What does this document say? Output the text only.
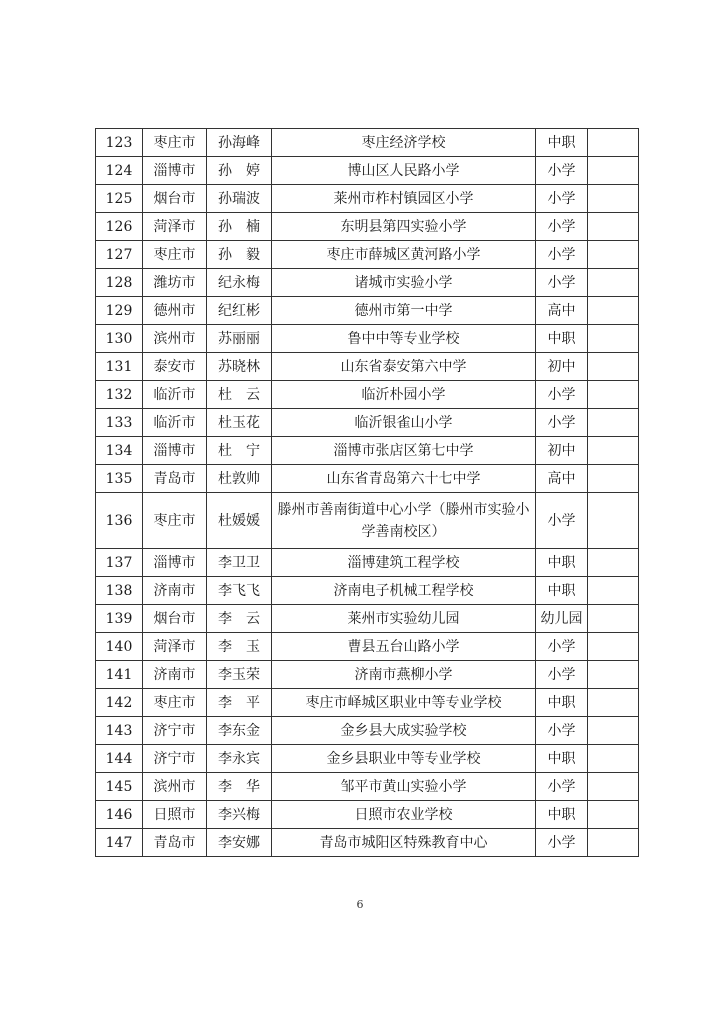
123	枣庄市	孙海峰	枣庄经济学校	中职	
124	淄博市	孙　婷	博山区人民路小学	小学	
125	烟台市	孙瑞波	莱州市柞村镇园区小学	小学	
126	菏泽市	孙　楠	东明县第四实验小学	小学	
127	枣庄市	孙　毅	枣庄市薛城区黄河路小学	小学	
128	潍坊市	纪永梅	诸城市实验小学	小学	
129	德州市	纪红彬	德州市第一中学	高中	
130	滨州市	苏丽丽	鲁中中等专业学校	中职	
131	泰安市	苏晓林	山东省泰安第六中学	初中	
132	临沂市	杜　云	临沂朴园小学	小学	
133	临沂市	杜玉花	临沂银雀山小学	小学	
134	淄博市	杜　宁	淄博市张店区第七中学	初中	
135	青岛市	杜敦帅	山东省青岛第六十七中学	高中	
136	枣庄市	杜媛媛	滕州市善南街道中心小学（滕州市实验小学善南校区）	小学	
137	淄博市	李卫卫	淄博建筑工程学校	中职	
138	济南市	李飞飞	济南电子机械工程学校	中职	
139	烟台市	李　云	莱州市实验幼儿园	幼儿园	
140	菏泽市	李　玉	曹县五台山路小学	小学	
141	济南市	李玉荣	济南市燕柳小学	小学	
142	枣庄市	李　平	枣庄市峄城区职业中等专业学校	中职	
143	济宁市	李东金	金乡县大成实验学校	小学	
144	济宁市	李永宾	金乡县职业中等专业学校	中职	
145	滨州市	李　华	邹平市黄山实验小学	小学	
146	日照市	李兴梅	日照市农业学校	中职	
147	青岛市	李安娜	青岛市城阳区特殊教育中心	小学	
6
